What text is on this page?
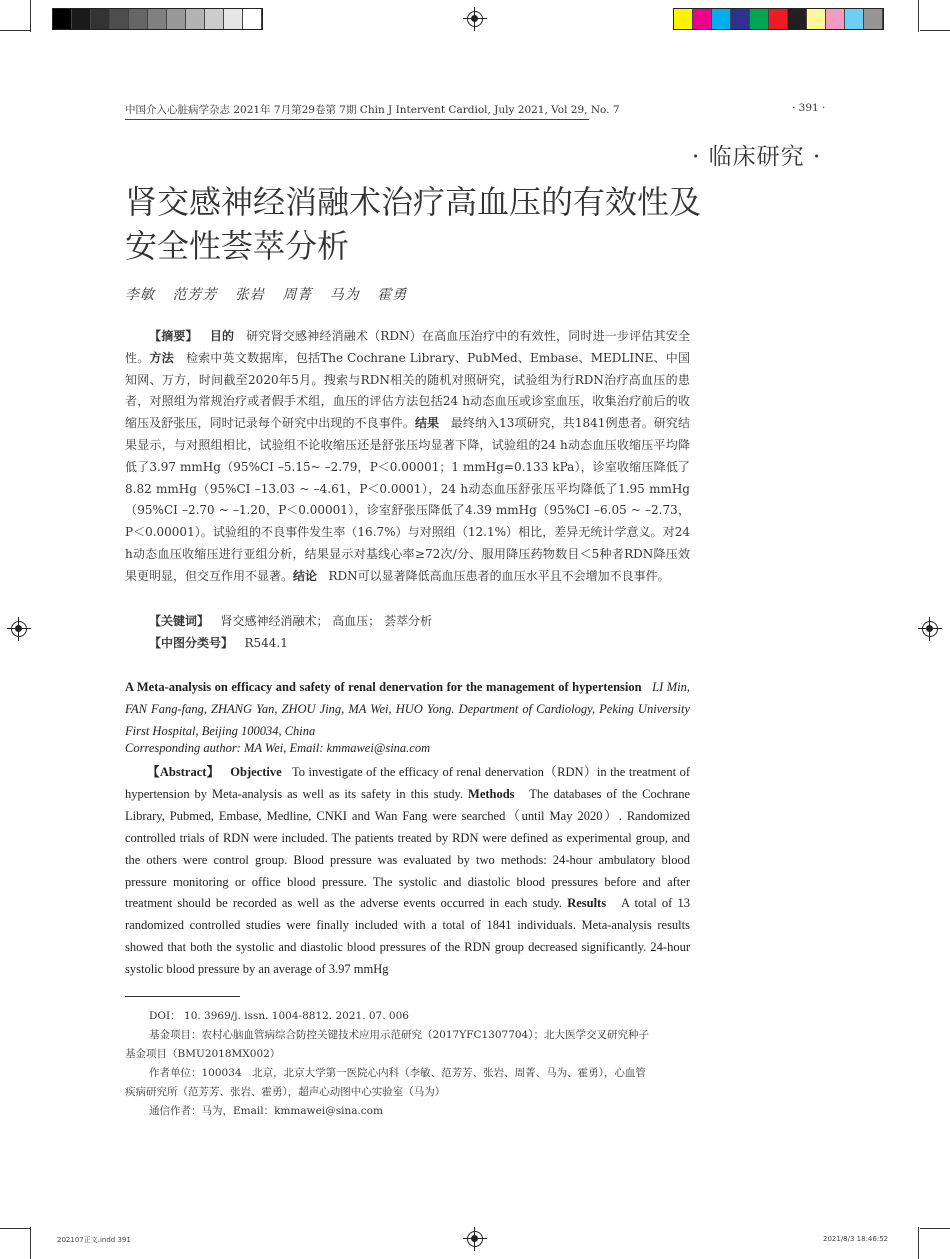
中国介入心脏病学杂志 2021年 7月第29卷第 7期 Chin J Intervent Cardiol, July 2021, Vol 29, No. 7	· 391 ·
· 临床研究 ·
肾交感神经消融术治疗高血压的有效性及
安全性荟萃分析
李敏 范芳芳 张岩 周菁 马为 霍勇

【摘要】 目的 研究肾交感神经消融术（RDN）在高血压治疗中的有效性，同时进一步评估其安全性。方法 检索中英文数据库，包括The Cochrane Library、PubMed、Embase、MEDLINE、中国知网、万方，时间截至2020年5月。搜索与RDN相关的随机对照研究，试验组为行RDN治疗高血压的患者，对照组为常规治疗或者假手术组，血压的评估方法包括24 h动态血压或诊室血压，收集治疗前后的收缩压及舒张压，同时记录每个研究中出现的不良事件。结果 最终纳入13项研究，共1841例患者。研究结果显示，与对照组相比，试验组不论收缩压还是舒张压均显著下降，试验组的24 h动态血压收缩压平均降低了3.97 mmHg（95%CI –5.15~ –2.79，P＜0.00001；1 mmHg=0.133 kPa），诊室收缩压降低了8.82 mmHg（95%CI –13.03 ~ –4.61，P＜0.0001），24 h动态血压舒张压平均降低了1.95 mmHg（95%CI –2.70 ~ –1.20，P＜0.00001），诊室舒张压降低了4.39 mmHg（95%CI –6.05 ~ –2.73，P＜0.00001）。试验组的不良事件发生率（16.7%）与对照组（12.1%）相比，差异无统计学意义。对24 h动态血压收缩压进行亚组分析，结果显示对基线心率≥72次/分、服用降压药物数目＜5种者RDN降压效果更明显，但交互作用不显著。结论 RDN可以显著降低高血压患者的血压水平且不会增加不良事件。

【关键词】 肾交感神经消融术； 高血压； 荟萃分析
【中图分类号】 R544.1
A Meta-analysis on efficacy and safety of renal denervation for the management of hypertension LI Min, FAN Fang-fang, ZHANG Yan, ZHOU Jing, MA Wei, HUO Yong. Department of Cardiology, Peking University First Hospital, Beijing 100034, China
Corresponding author: MA Wei, Email: kmmawei@sina.com

【Abstract】 Objective To investigate of the efficacy of renal denervation（RDN）in the treatment of hypertension by Meta-analysis as well as its safety in this study. Methods The databases of the Cochrane Library, Pubmed, Embase, Medline, CNKI and Wan Fang were searched（until May 2020）. Randomized controlled trials of RDN were included. The patients treated by RDN were defined as experimental group, and the others were control group. Blood pressure was evaluated by two methods: 24-hour ambulatory blood pressure monitoring or office blood pressure. The systolic and diastolic blood pressures before and after treatment should be recorded as well as the adverse events occurred in each study. Results A total of 13 randomized controlled studies were finally included with a total of 1841 individuals. Meta-analysis results showed that both the systolic and diastolic blood pressures of the RDN group decreased significantly. 24-hour systolic blood pressure by an average of 3.97 mmHg

DOI： 10. 3969/j. issn. 1004-8812. 2021. 07. 006

基金项目：农村心脑血管病综合防控关键技术应用示范研究（2017YFC1307704）；北大医学交叉研究种子基金项目（BMU2018MX002）

作者单位：100034　北京，北京大学第一医院心内科（李敏、范芳芳、张岩、周菁、马为、霍勇），心血管疾病研究所（范芳芳、张岩、霍勇），超声心动图中心实验室（马为）

通信作者：马为，Email：kmmawei@sina.com

202107正文.indd 391	2021/8/3 18:46:52
